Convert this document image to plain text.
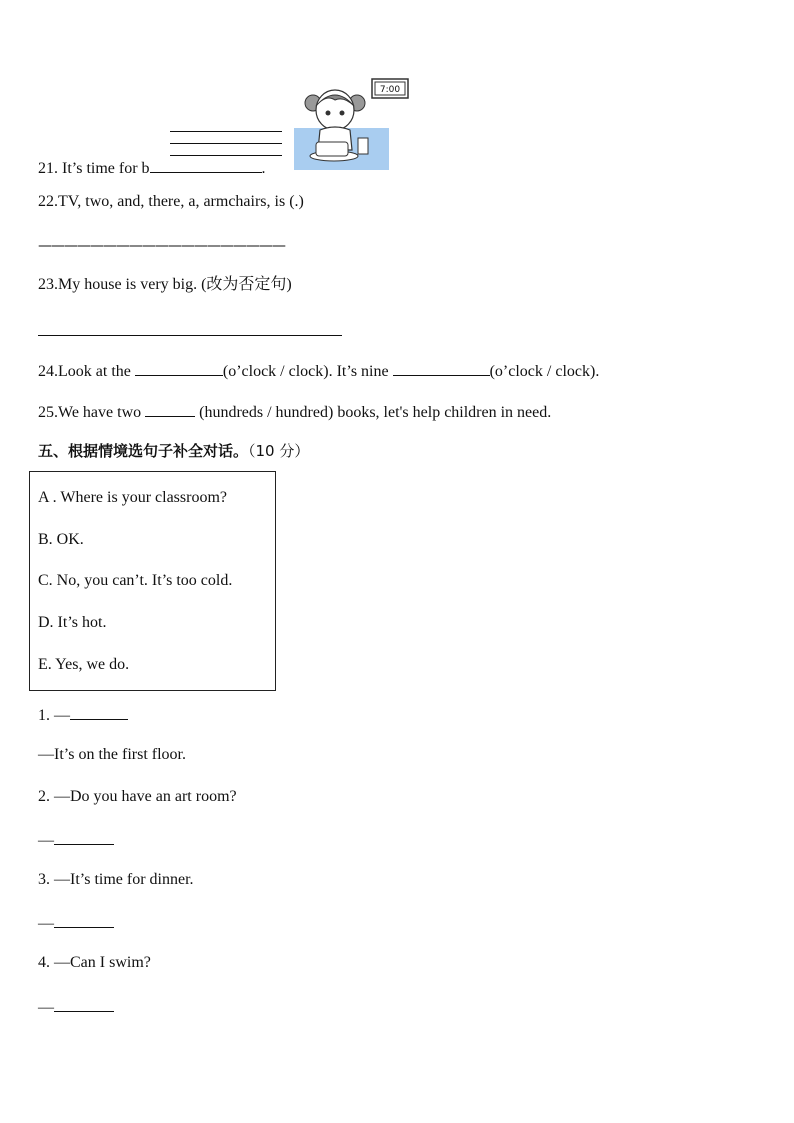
21. It’s time for b	.
7:00
22.TV, two, and, there, a, armchairs, is (.)
———————————————————
23.My house is very big. (改为否定句)
24.Look at the	(o’clock / clock). It’s nine	(o’clock / clock).
25.We have two	(hundreds / hundred) books, let's help children in need.
五、根据情境选句子补全对话。（10 分）
A . Where is your classroom?
B. OK.
C. No, you can’t. It’s too cold.
D. It’s hot.
E. Yes, we do.
1. —
—It’s on the first floor.
2. —Do you have an art room?
—
3. —It’s time for dinner.
—
4. —Can I swim?
—
